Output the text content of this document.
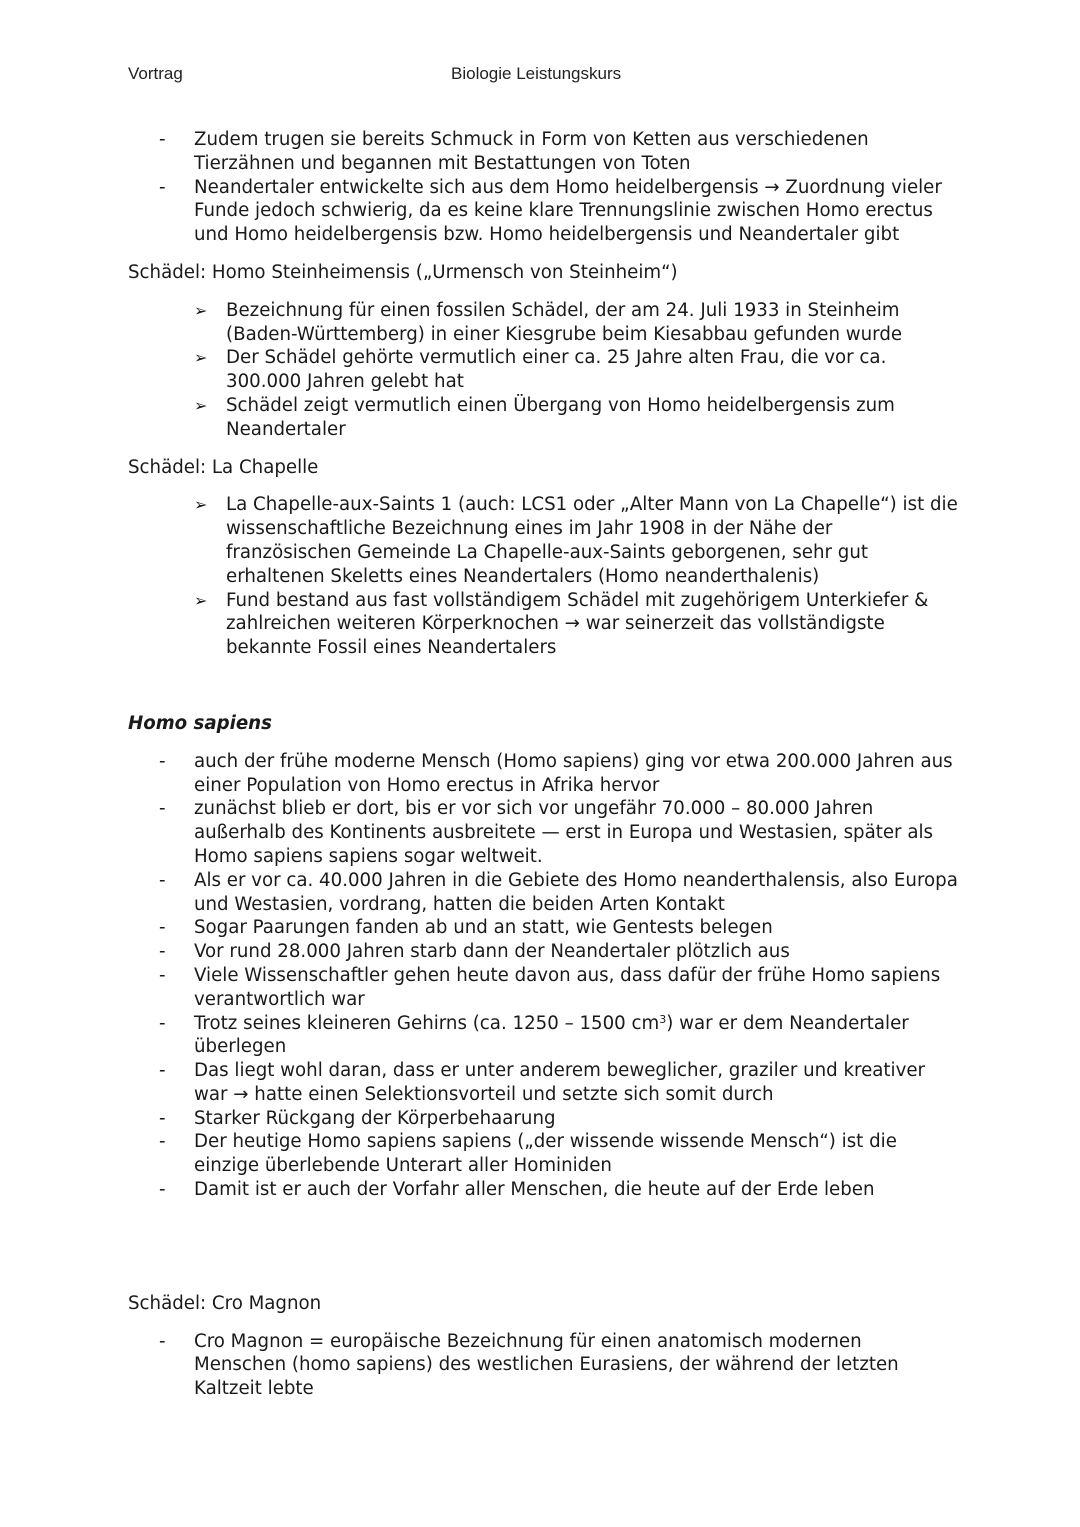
Vortrag	Biologie Leistungskurs
- Zudem trugen sie bereits Schmuck in Form von Ketten aus verschiedenen Tierzähnen und begannen mit Bestattungen von Toten
- Neandertaler entwickelte sich aus dem Homo heidelbergensis → Zuordnung vieler Funde jedoch schwierig, da es keine klare Trennungslinie zwischen Homo erectus und Homo heidelbergensis bzw. Homo heidelbergensis und Neandertaler gibt
Schädel: Homo Steinheimensis („Urmensch von Steinheim“)
➢ Bezeichnung für einen fossilen Schädel, der am 24. Juli 1933 in Steinheim (Baden-Württemberg) in einer Kiesgrube beim Kiesabbau gefunden wurde
➢ Der Schädel gehörte vermutlich einer ca. 25 Jahre alten Frau, die vor ca. 300.000 Jahren gelebt hat
➢ Schädel zeigt vermutlich einen Übergang von Homo heidelbergensis zum Neandertaler
Schädel: La Chapelle
➢ La Chapelle-aux-Saints 1 (auch: LCS1 oder „Alter Mann von La Chapelle“) ist die wissenschaftliche Bezeichnung eines im Jahr 1908 in der Nähe der französischen Gemeinde La Chapelle-aux-Saints geborgenen, sehr gut erhaltenen Skeletts eines Neandertalers (Homo neanderthalenis)
➢ Fund bestand aus fast vollständigem Schädel mit zugehörigem Unterkiefer & zahlreichen weiteren Körperknochen → war seinerzeit das vollständigste bekannte Fossil eines Neandertalers
Homo sapiens
- auch der frühe moderne Mensch (Homo sapiens) ging vor etwa 200.000 Jahren aus einer Population von Homo erectus in Afrika hervor
- zunächst blieb er dort, bis er vor sich vor ungefähr 70.000 – 80.000 Jahren außerhalb des Kontinents ausbreitete — erst in Europa und Westasien, später als Homo sapiens sapiens sogar weltweit.
- Als er vor ca. 40.000 Jahren in die Gebiete des Homo neanderthalensis, also Europa und Westasien, vordrang, hatten die beiden Arten Kontakt
- Sogar Paarungen fanden ab und an statt, wie Gentests belegen
- Vor rund 28.000 Jahren starb dann der Neandertaler plötzlich aus
- Viele Wissenschaftler gehen heute davon aus, dass dafür der frühe Homo sapiens verantwortlich war
- Trotz seines kleineren Gehirns (ca. 1250 – 1500 $cm^3$) war er dem Neandertaler überlegen
- Das liegt wohl daran, dass er unter anderem beweglicher, graziler und kreativer war → hatte einen Selektionsvorteil und setzte sich somit durch
- Starker Rückgang der Körperbehaarung
- Der heutige Homo sapiens sapiens („der wissende wissende Mensch“) ist die einzige überlebende Unterart aller Hominiden
- Damit ist er auch der Vorfahr aller Menschen, die heute auf der Erde leben
Schädel: Cro Magnon
- Cro Magnon = europäische Bezeichnung für einen anatomisch modernen Menschen (homo sapiens) des westlichen Eurasiens, der während der letzten Kaltzeit lebte
